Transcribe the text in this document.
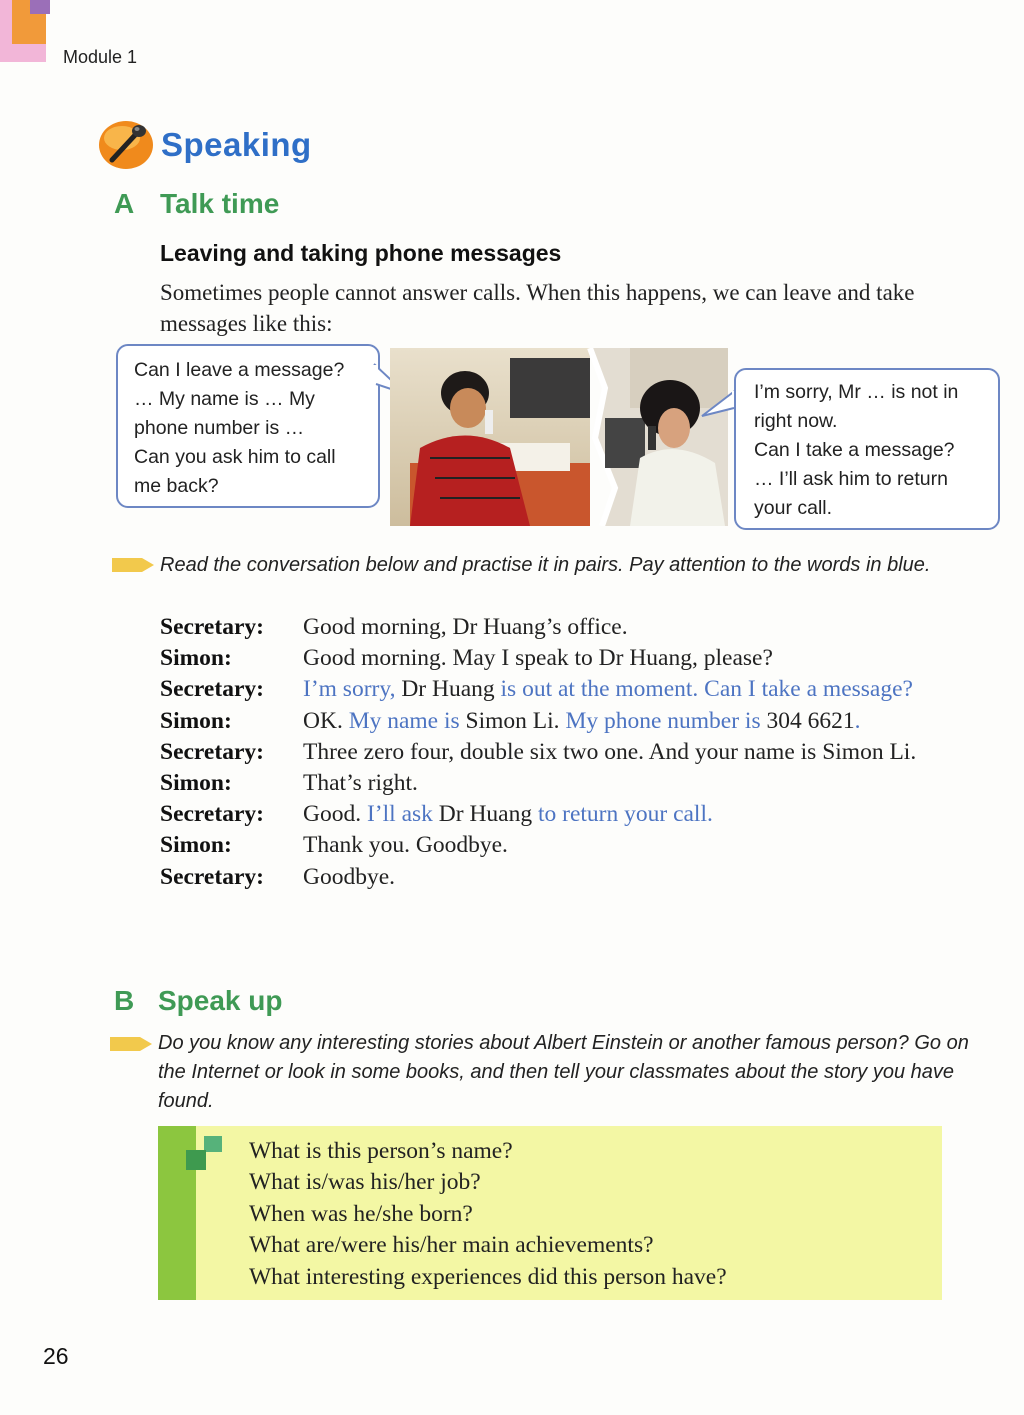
Module 1
Speaking
A Talk time
Leaving and taking phone messages
Sometimes people cannot answer calls. When this happens, we can leave and take messages like this:
Can I leave a message?
… My name is … My
phone number is …
Can you ask him to call
me back?
I’m sorry, Mr … is not in
right now.
Can I take a message?
… I’ll ask him to return
your call.
Read the conversation below and practise it in pairs. Pay attention to the words in blue.
Secretary:	Good morning, Dr Huang’s office.
Simon:	Good morning. May I speak to Dr Huang, please?
Secretary:	I’m sorry, Dr Huang is out at the moment. Can I take a message?
Simon:	OK. My name is Simon Li. My phone number is 304 6621.
Secretary:	Three zero four, double six two one. And your name is Simon Li.
Simon:	That’s right.
Secretary:	Good. I’ll ask Dr Huang to return your call.
Simon:	Thank you. Goodbye.
Secretary:	Goodbye.
B Speak up
Do you know any interesting stories about Albert Einstein or another famous person? Go on the Internet or look in some books, and then tell your classmates about the story you have found.
What is this person’s name?
What is/was his/her job?
When was he/she born?
What are/were his/her main achievements?
What interesting experiences did this person have?
26
